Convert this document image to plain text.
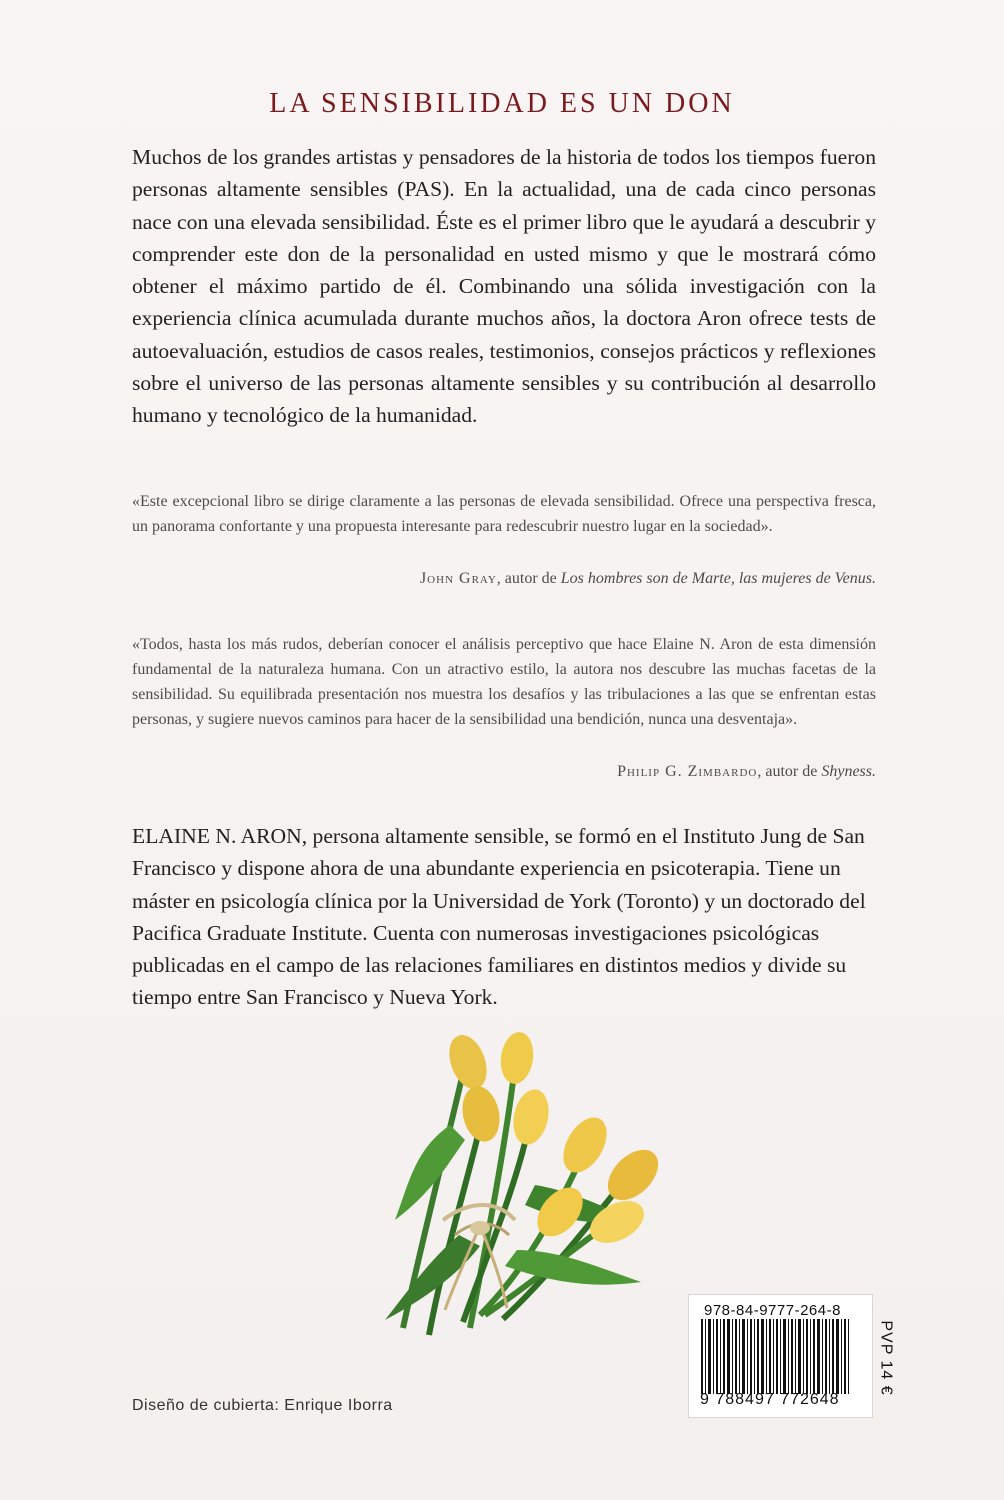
LA SENSIBILIDAD ES UN DON
Muchos de los grandes artistas y pensadores de la historia de todos los tiempos fueron personas altamente sensibles (PAS). En la actualidad, una de cada cinco personas nace con una elevada sensibilidad. Éste es el primer libro que le ayudará a descubrir y comprender este don de la personalidad en usted mismo y que le mostrará cómo obtener el máximo partido de él. Combinando una sólida investigación con la experiencia clínica acumulada durante muchos años, la doctora Aron ofrece tests de autoevaluación, estudios de casos reales, testimonios, consejos prácticos y reflexiones sobre el universo de las personas altamente sensibles y su contribución al desarrollo humano y tecnológico de la humanidad.
«Este excepcional libro se dirige claramente a las personas de elevada sensibilidad. Ofrece una perspectiva fresca, un panorama confortante y una propuesta interesante para redescubrir nuestro lugar en la sociedad».
John Gray, autor de Los hombres son de Marte, las mujeres de Venus.
«Todos, hasta los más rudos, deberían conocer el análisis perceptivo que hace Elaine N. Aron de esta dimensión fundamental de la naturaleza humana. Con un atractivo estilo, la autora nos descubre las muchas facetas de la sensibilidad. Su equilibrada presentación nos muestra los desafíos y las tribulaciones a las que se enfrentan estas personas, y sugiere nuevos caminos para hacer de la sensibilidad una bendición, nunca una desventaja».
Philip G. Zimbardo, autor de Shyness.
ELAINE N. ARON, persona altamente sensible, se formó en el Instituto Jung de San Francisco y dispone ahora de una abundante experiencia en psicoterapia. Tiene un máster en psicología clínica por la Universidad de York (Toronto) y un doctorado del Pacifica Graduate Institute. Cuenta con numerosas investigaciones psicológicas publicadas en el campo de las relaciones familiares en distintos medios y divide su tiempo entre San Francisco y Nueva York.
Diseño de cubierta: Enrique Iborra
978-84-9777-264-8
9 788497 772648
PVP 14 €
